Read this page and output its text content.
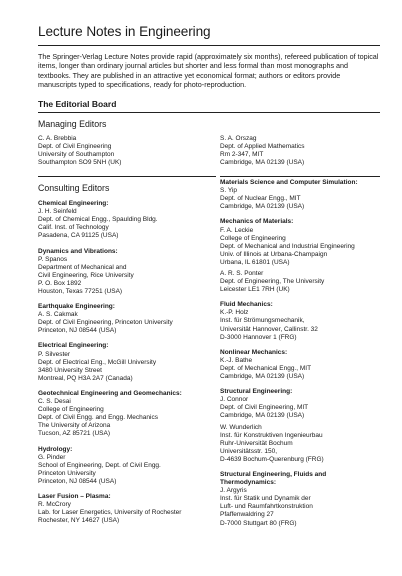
Lecture Notes in Engineering

The Springer-Verlag Lecture Notes provide rapid (approximately six months), refereed publication of topical items, longer than ordinary journal articles but shorter and less formal than most monographs and textbooks. They are published in an attractive yet economical format; authors or editors provide manuscripts typed to specifications, ready for photo-reproduction.

The Editorial Board
Managing Editors
C. A. Brebbia
Dept. of Civil Engineering
University of Southampton
Southampton SO9 5NH (UK)
S. A. Orszag
Dept. of Applied Mathematics
Rm 2-347, MIT
Cambridge, MA 02139 (USA)
Consulting Editors
Chemical Engineering:
J. H. Seinfeld
Dept. of Chemical Engg., Spaulding Bldg.
Calif. Inst. of Technology
Pasadena, CA 91125 (USA)
Dynamics and Vibrations:
P. Spanos
Department of Mechanical and
Civil Engineering, Rice University
P. O. Box 1892
Houston, Texas 77251 (USA)
Earthquake Engineering:
A. S. Cakmak
Dept. of Civil Engineering, Princeton University
Princeton, NJ 08544 (USA)
Electrical Engineering:
P. Silvester
Dept. of Electrical Eng., McGill University
3480 University Street
Montreal, PQ H3A 2A7 (Canada)
Geotechnical Engineering and Geomechanics:
C. S. Desai
College of Engineering
Dept. of Civil Engg. and Engg. Mechanics
The University of Arizona
Tucson, AZ 85721 (USA)
Hydrology:
G. Pinder
School of Engineering, Dept. of Civil Engg.
Princeton University
Princeton, NJ 08544 (USA)
Laser Fusion – Plasma:
R. McCrory
Lab. for Laser Energetics, University of Rochester
Rochester, NY 14627 (USA)
Materials Science and Computer Simulation:
S. Yip
Dept. of Nuclear Engg., MIT
Cambridge, MA 02139 (USA)
Mechanics of Materials:
F. A. Leckie
College of Engineering
Dept. of Mechanical and Industrial Engineering
Univ. of Illinois at Urbana-Champaign
Urbana, IL 61801 (USA)
A. R. S. Ponter
Dept. of Engineering, The University
Leicester LE1 7RH (UK)
Fluid Mechanics:
K.-P. Holz
Inst. für Strömungsmechanik,
Universität Hannover, Callinstr. 32
D-3000 Hannover 1 (FRG)
Nonlinear Mechanics:
K.-J. Bathe
Dept. of Mechanical Engg., MIT
Cambridge, MA 02139 (USA)
Structural Engineering:
J. Connor
Dept. of Civil Engineering, MIT
Cambridge, MA 02139 (USA)
W. Wunderlich
Inst. für Konstruktiven Ingenieurbau
Ruhr-Universität Bochum
Universitätsstr. 150,
D-4639 Bochum-Querenburg (FRG)
Structural Engineering, Fluids and Thermodynamics:
J. Argyris
Inst. für Statik und Dynamik der
Luft- und Raumfahrtkonstruktion
Pfaffenwaldring 27
D-7000 Stuttgart 80 (FRG)
